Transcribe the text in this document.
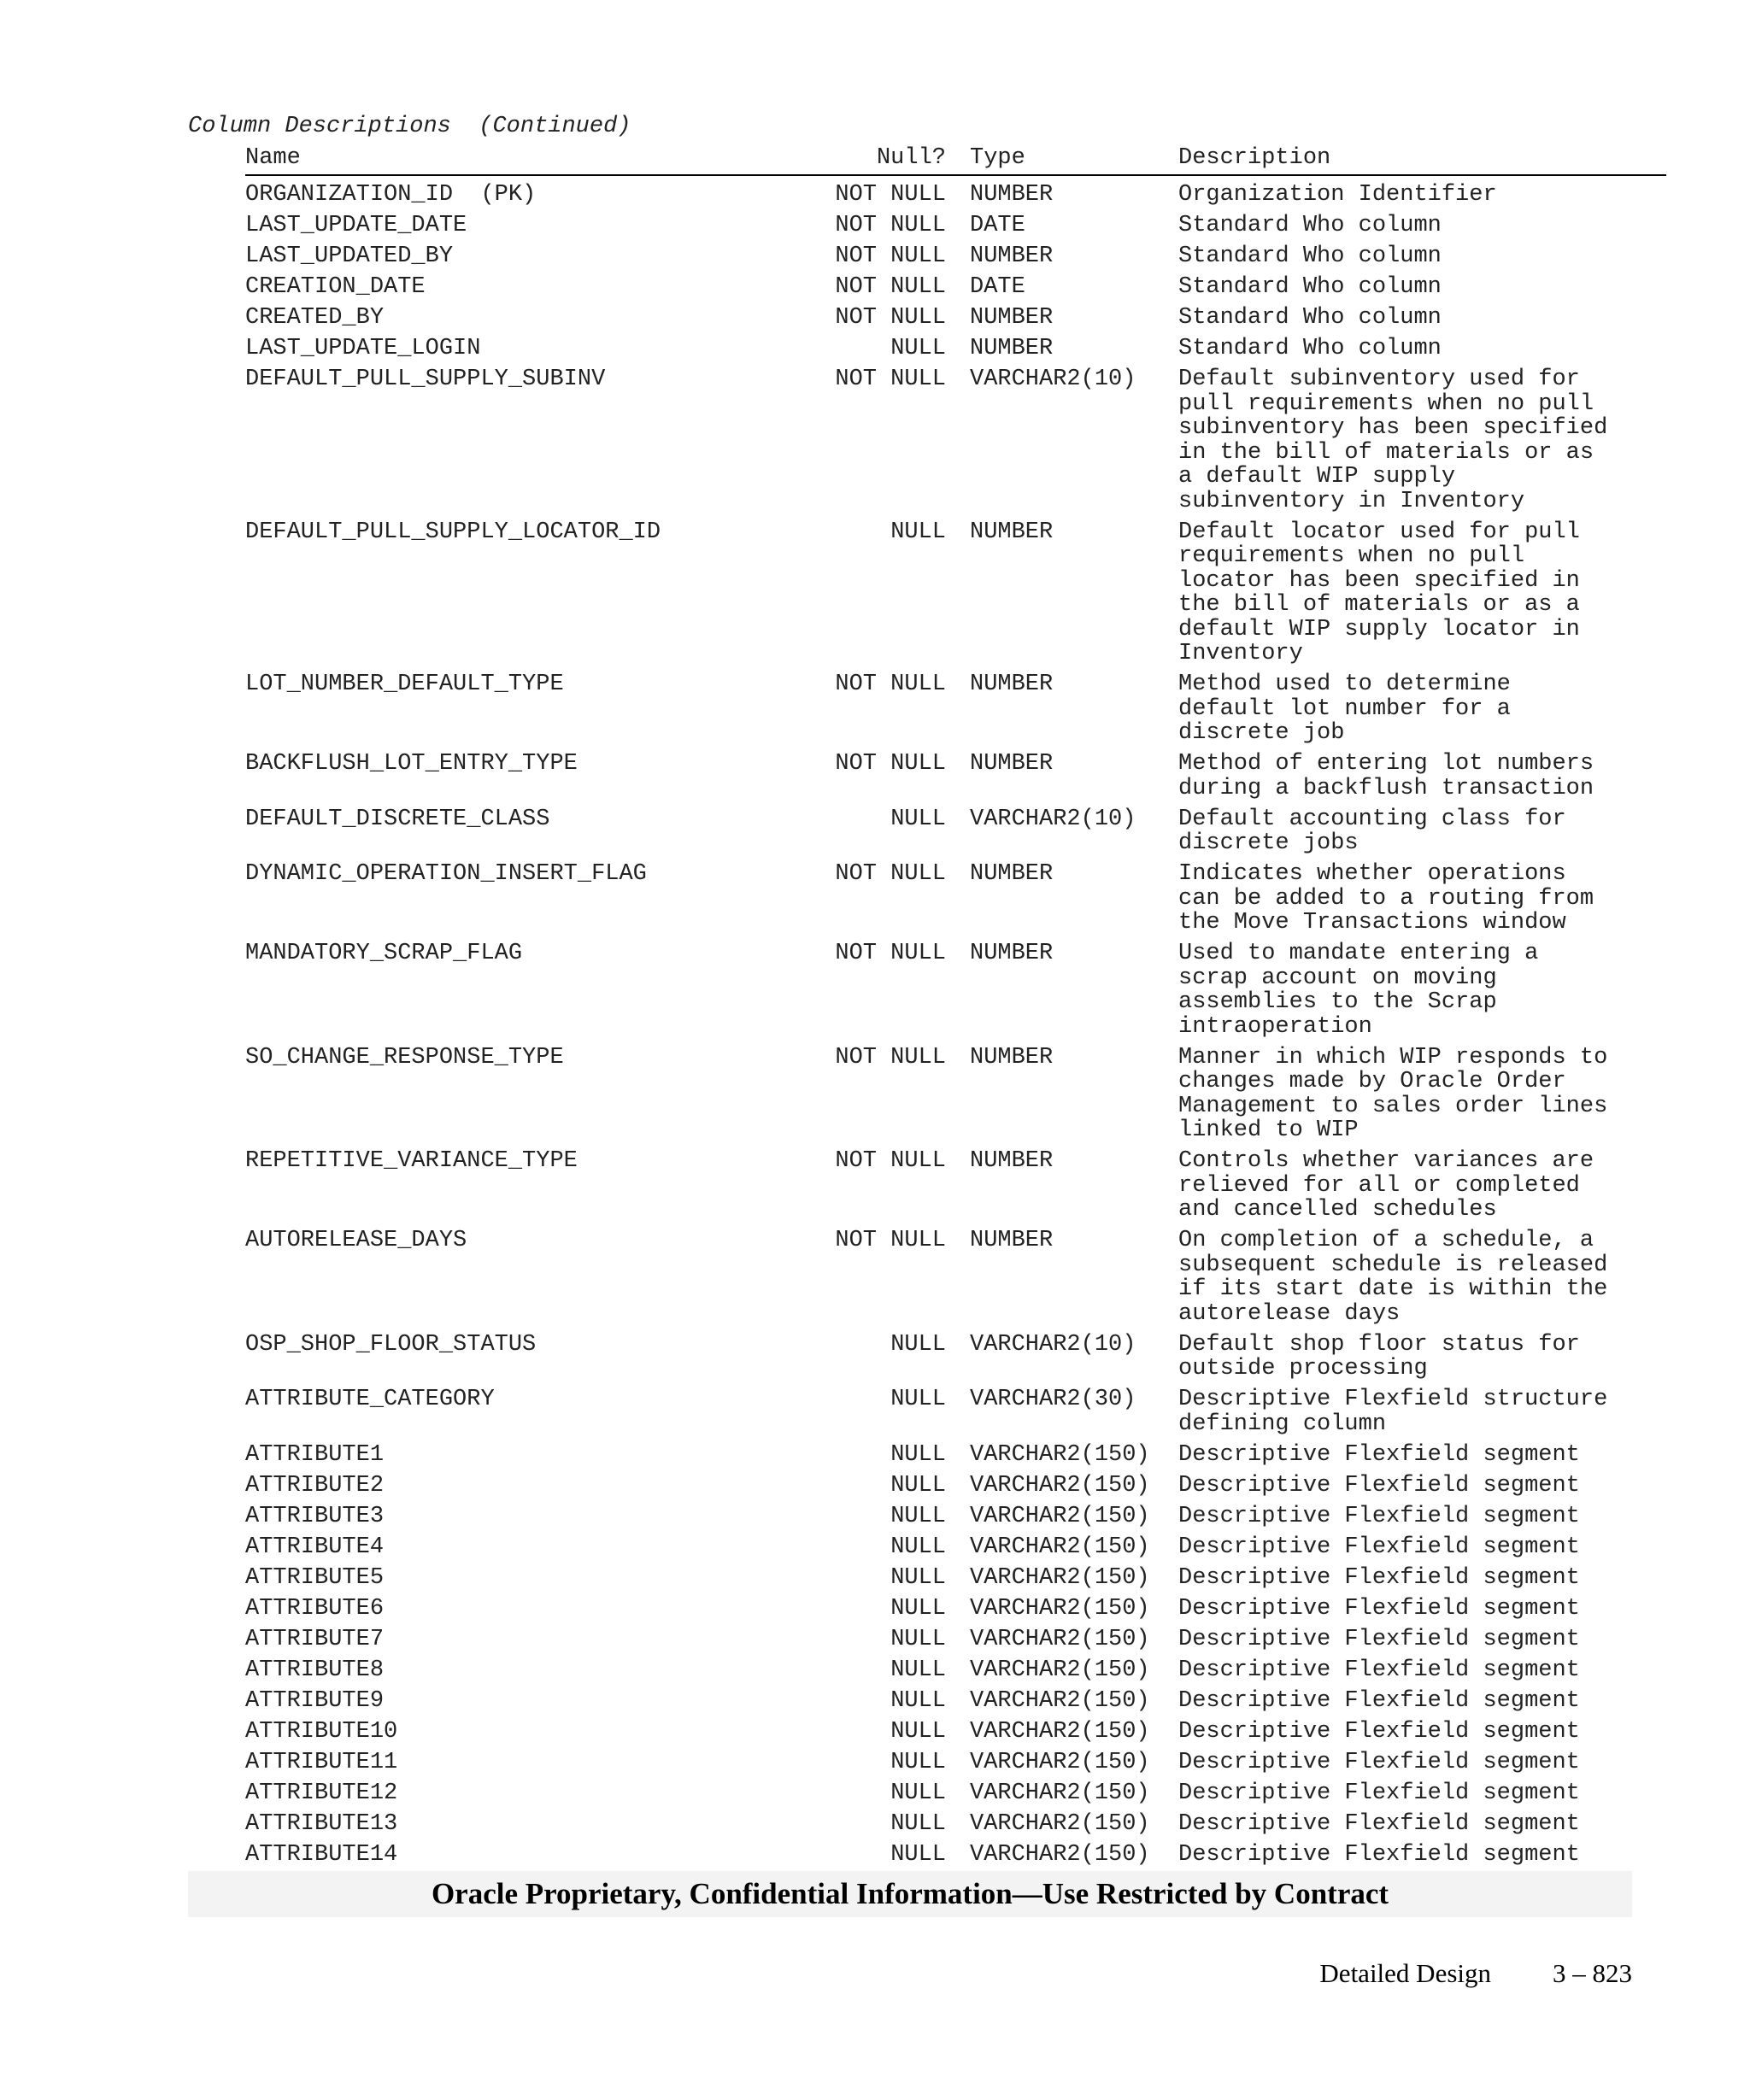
Column Descriptions  (Continued)
Name	Null? Type	Description
ORGANIZATION_ID  (PK)	NOT NULL NUMBER	Organization Identifier
LAST_UPDATE_DATE	NOT NULL DATE	Standard Who column
LAST_UPDATED_BY	NOT NULL NUMBER	Standard Who column
CREATION_DATE	NOT NULL DATE	Standard Who column
CREATED_BY	NOT NULL NUMBER	Standard Who column
LAST_UPDATE_LOGIN	NULL NUMBER	Standard Who column
DEFAULT_PULL_SUPPLY_SUBINV	NOT NULL VARCHAR2(10) Default subinventory used for
pull requirements when no pull
subinventory has been specified
in the bill of materials or as
a default WIP supply
subinventory in Inventory
DEFAULT_PULL_SUPPLY_LOCATOR_ID	NULL NUMBER	Default locator used for pull
requirements when no pull
locator has been specified in
the bill of materials or as a
default WIP supply locator in
Inventory
LOT_NUMBER_DEFAULT_TYPE	NOT NULL NUMBER	Method used to determine
default lot number for a
discrete job
BACKFLUSH_LOT_ENTRY_TYPE	NOT NULL NUMBER	Method of entering lot numbers
during a backflush transaction
DEFAULT_DISCRETE_CLASS	NULL VARCHAR2(10) Default accounting class for
discrete jobs
DYNAMIC_OPERATION_INSERT_FLAG	NOT NULL NUMBER	Indicates whether operations
can be added to a routing from
the Move Transactions window
MANDATORY_SCRAP_FLAG	NOT NULL NUMBER	Used to mandate entering a
scrap account on moving
assemblies to the Scrap
intraoperation
SO_CHANGE_RESPONSE_TYPE	NOT NULL NUMBER	Manner in which WIP responds to
changes made by Oracle Order
Management to sales order lines
linked to WIP
REPETITIVE_VARIANCE_TYPE	NOT NULL NUMBER	Controls whether variances are
relieved for all or completed
and cancelled schedules
AUTORELEASE_DAYS	NOT NULL NUMBER	On completion of a schedule, a
subsequent schedule is released
if its start date is within the
autorelease days
OSP_SHOP_FLOOR_STATUS	NULL VARCHAR2(10) Default shop floor status for
outside processing
ATTRIBUTE_CATEGORY	NULL VARCHAR2(30) Descriptive Flexfield structure
defining column
ATTRIBUTE1	NULL VARCHAR2(150) Descriptive Flexfield segment
ATTRIBUTE2	NULL VARCHAR2(150) Descriptive Flexfield segment
ATTRIBUTE3	NULL VARCHAR2(150) Descriptive Flexfield segment
ATTRIBUTE4	NULL VARCHAR2(150) Descriptive Flexfield segment
ATTRIBUTE5	NULL VARCHAR2(150) Descriptive Flexfield segment
ATTRIBUTE6	NULL VARCHAR2(150) Descriptive Flexfield segment
ATTRIBUTE7	NULL VARCHAR2(150) Descriptive Flexfield segment
ATTRIBUTE8	NULL VARCHAR2(150) Descriptive Flexfield segment
ATTRIBUTE9	NULL VARCHAR2(150) Descriptive Flexfield segment
ATTRIBUTE10	NULL VARCHAR2(150) Descriptive Flexfield segment
ATTRIBUTE11	NULL VARCHAR2(150) Descriptive Flexfield segment
ATTRIBUTE12	NULL VARCHAR2(150) Descriptive Flexfield segment
ATTRIBUTE13	NULL VARCHAR2(150) Descriptive Flexfield segment
ATTRIBUTE14	NULL VARCHAR2(150) Descriptive Flexfield segment
Oracle Proprietary, Confidential Information––Use Restricted by Contract
Detailed Design 3 – 823
